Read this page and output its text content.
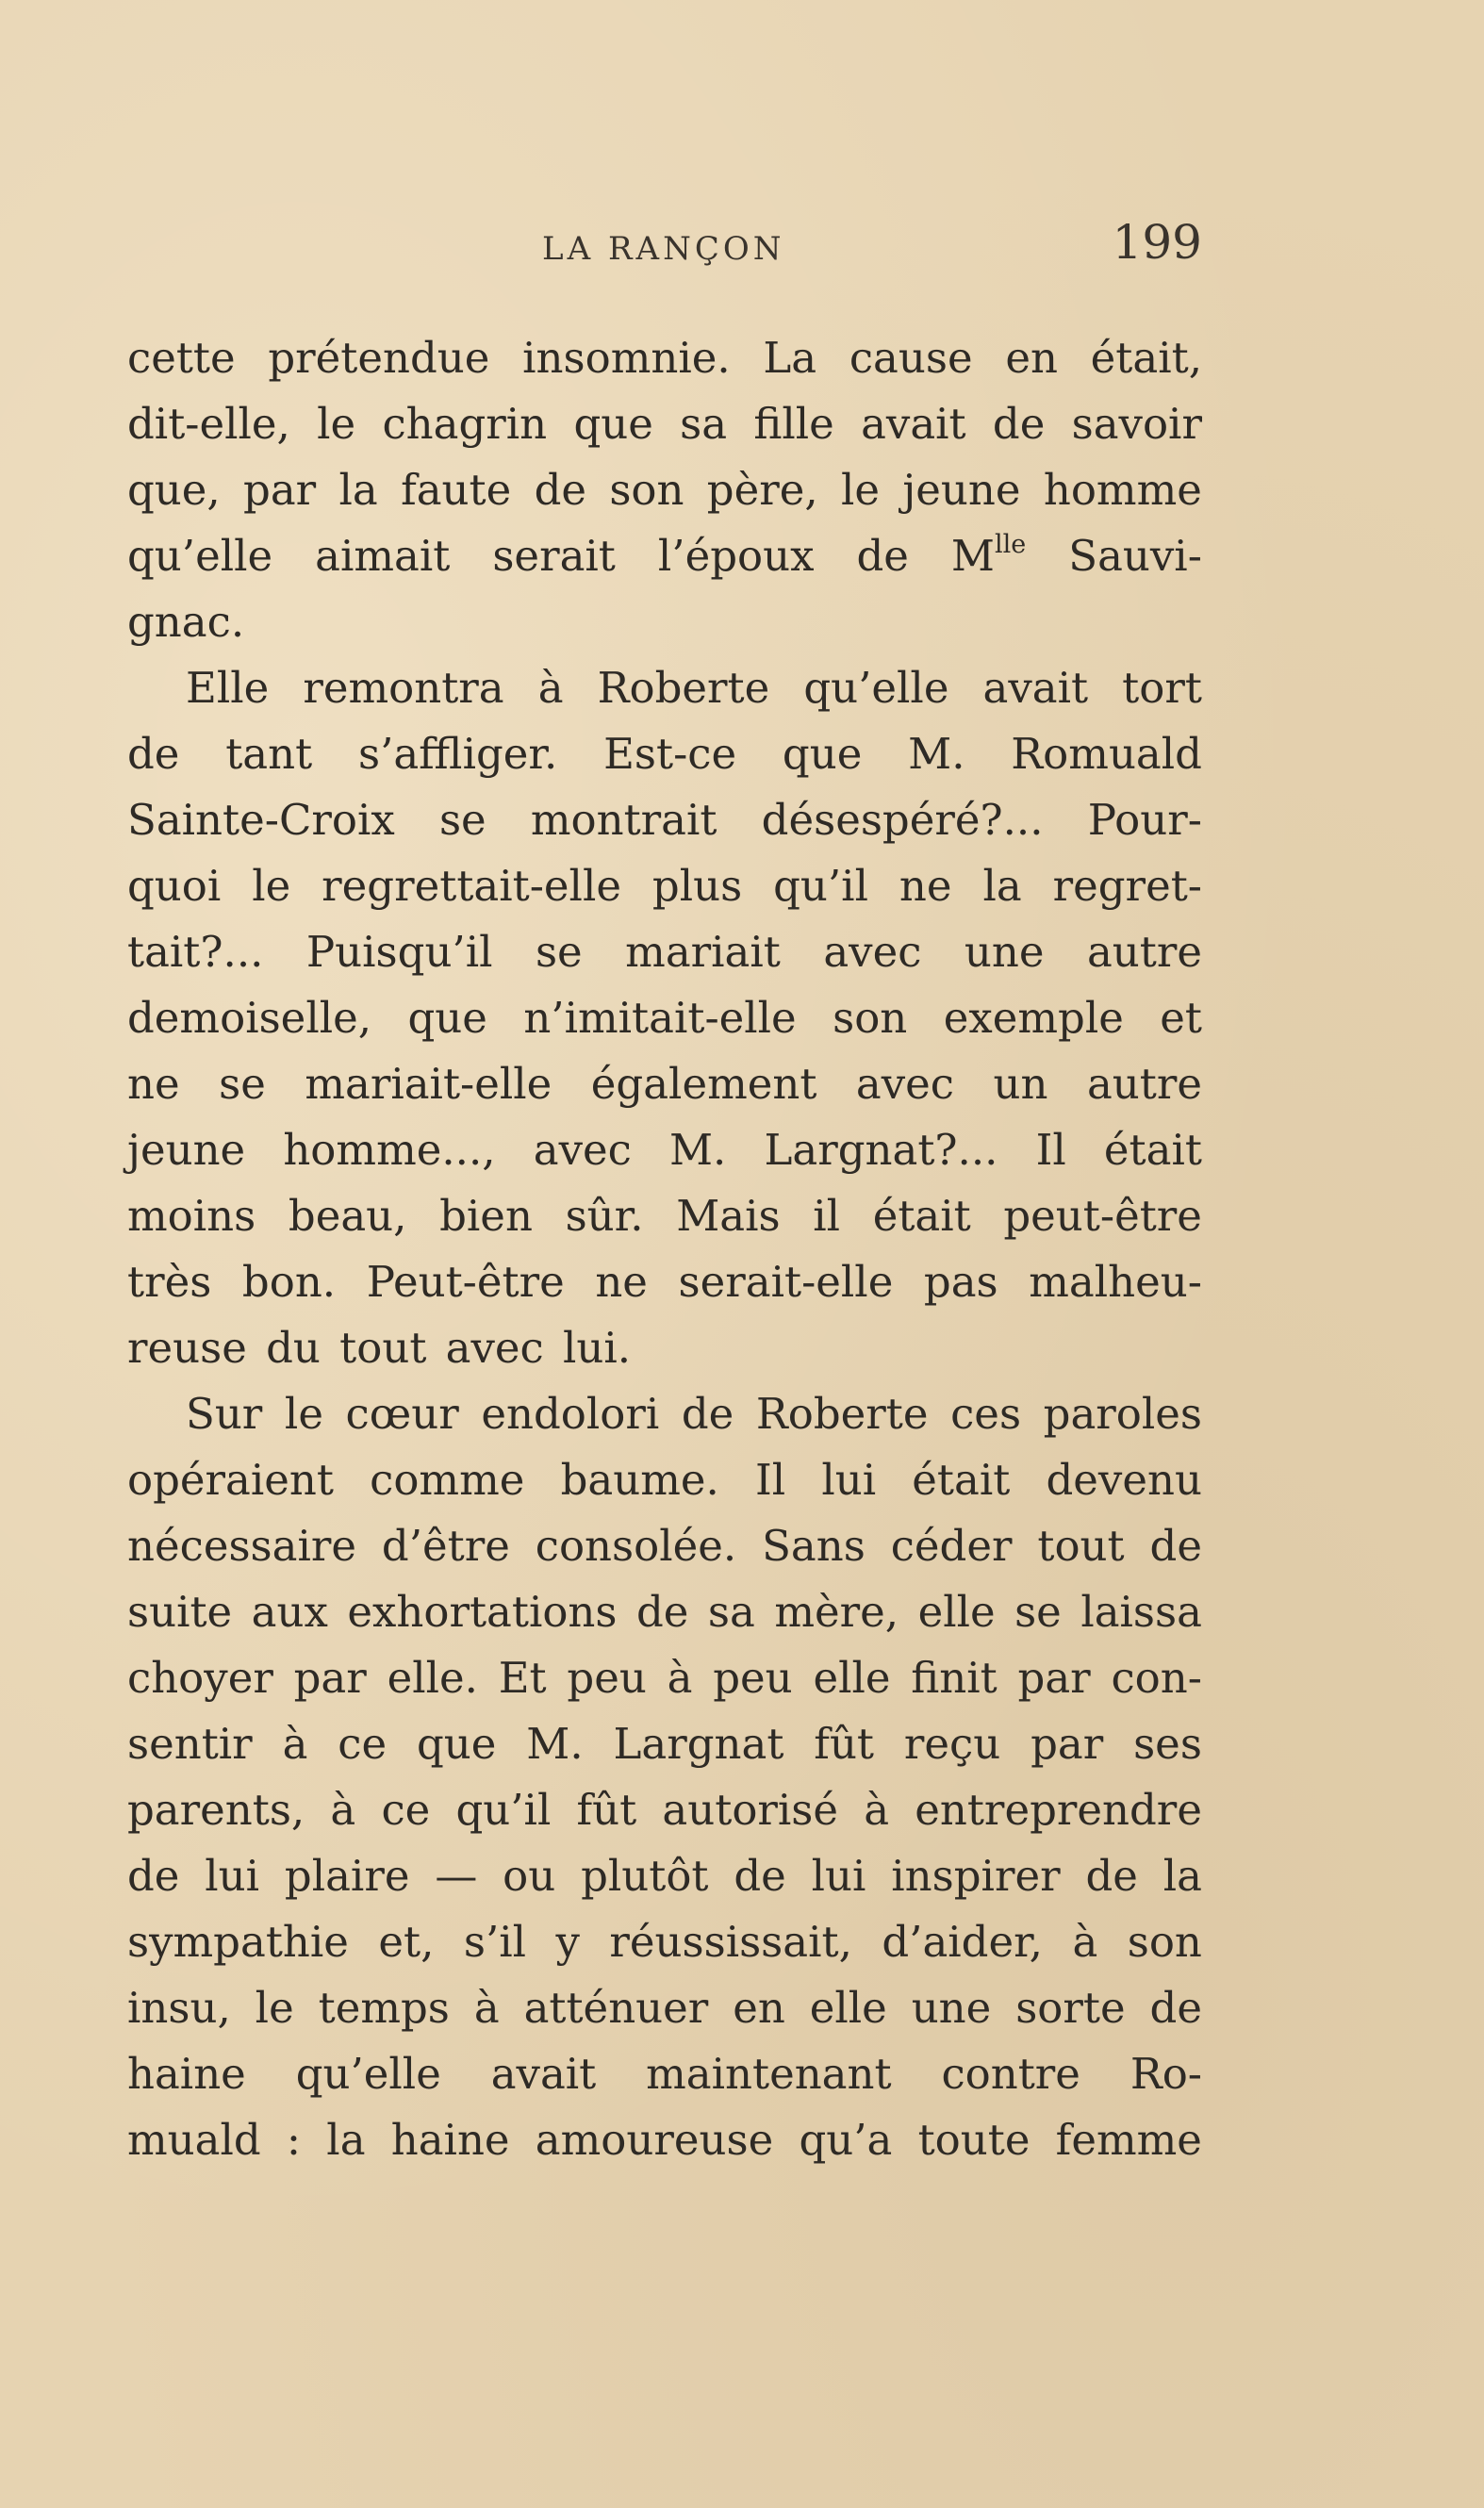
LA RANÇON	199
cette prétendue insomnie. La cause en était,
dit-elle, le chagrin que sa fille avait de savoir
que, par la faute de son père, le jeune homme
qu’elle aimait serait l’époux de $M^{lle}$ Sauvi-
gnac.
Elle remontra à Roberte qu’elle avait tort
de tant s’affliger. Est-ce que M. Romuald
Sainte-Croix se montrait désespéré?... Pour-
quoi le regrettait-elle plus qu’il ne la regret-
tait?... Puisqu’il se mariait avec une autre
demoiselle, que n’imitait-elle son exemple et
ne se mariait-elle également avec un autre
jeune homme..., avec M. Largnat?... Il était
moins beau, bien sûr. Mais il était peut-être
très bon. Peut-être ne serait-elle pas malheu-
reuse du tout avec lui.
Sur le cœur endolori de Roberte ces paroles
opéraient comme baume. Il lui était devenu
nécessaire d’être consolée. Sans céder tout de
suite aux exhortations de sa mère, elle se laissa
choyer par elle. Et peu à peu elle finit par con-
sentir à ce que M. Largnat fût reçu par ses
parents, à ce qu’il fût autorisé à entreprendre
de lui plaire — ou plutôt de lui inspirer de la
sympathie et, s’il y réussissait, d’aider, à son
insu, le temps à atténuer en elle une sorte de
haine qu’elle avait maintenant contre Ro-
muald : la haine amoureuse qu’a toute femme
